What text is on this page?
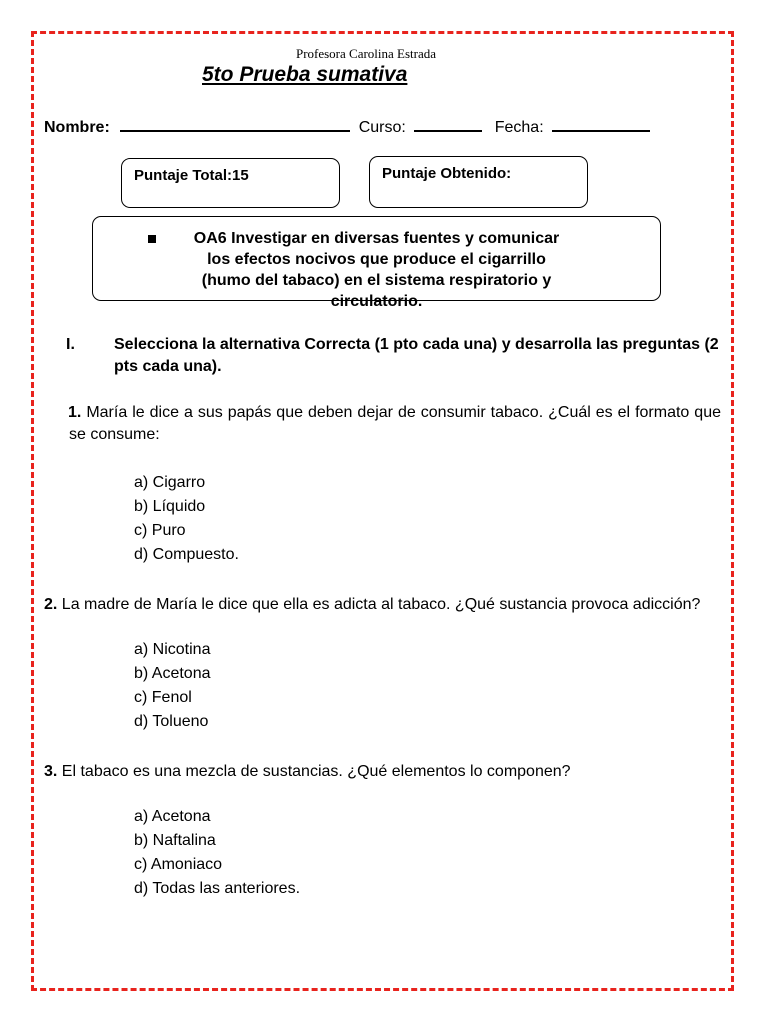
Profesora Carolina Estrada
5to Prueba sumativa
Nombre:	Curso:	Fecha:
Puntaje Total:15	Puntaje Obtenido:
OA6 Investigar en diversas fuentes y comunicar los efectos nocivos que produce el cigarrillo (humo del tabaco) en el sistema respiratorio y circulatorio.
I. Selecciona la alternativa Correcta (1 pto cada una) y desarrolla las preguntas (2 pts cada una).
1. María le dice a sus papás que deben dejar de consumir tabaco. ¿Cuál es el formato que se consume:
a) Cigarro
b) Líquido
c) Puro
d) Compuesto.
2. La madre de María le dice que ella es adicta al tabaco. ¿Qué sustancia provoca adicción?
a) Nicotina
b) Acetona
c) Fenol
d) Tolueno
3. El tabaco es una mezcla de sustancias. ¿Qué elementos lo componen?
a) Acetona
b) Naftalina
c) Amoniaco
d) Todas las anteriores.
